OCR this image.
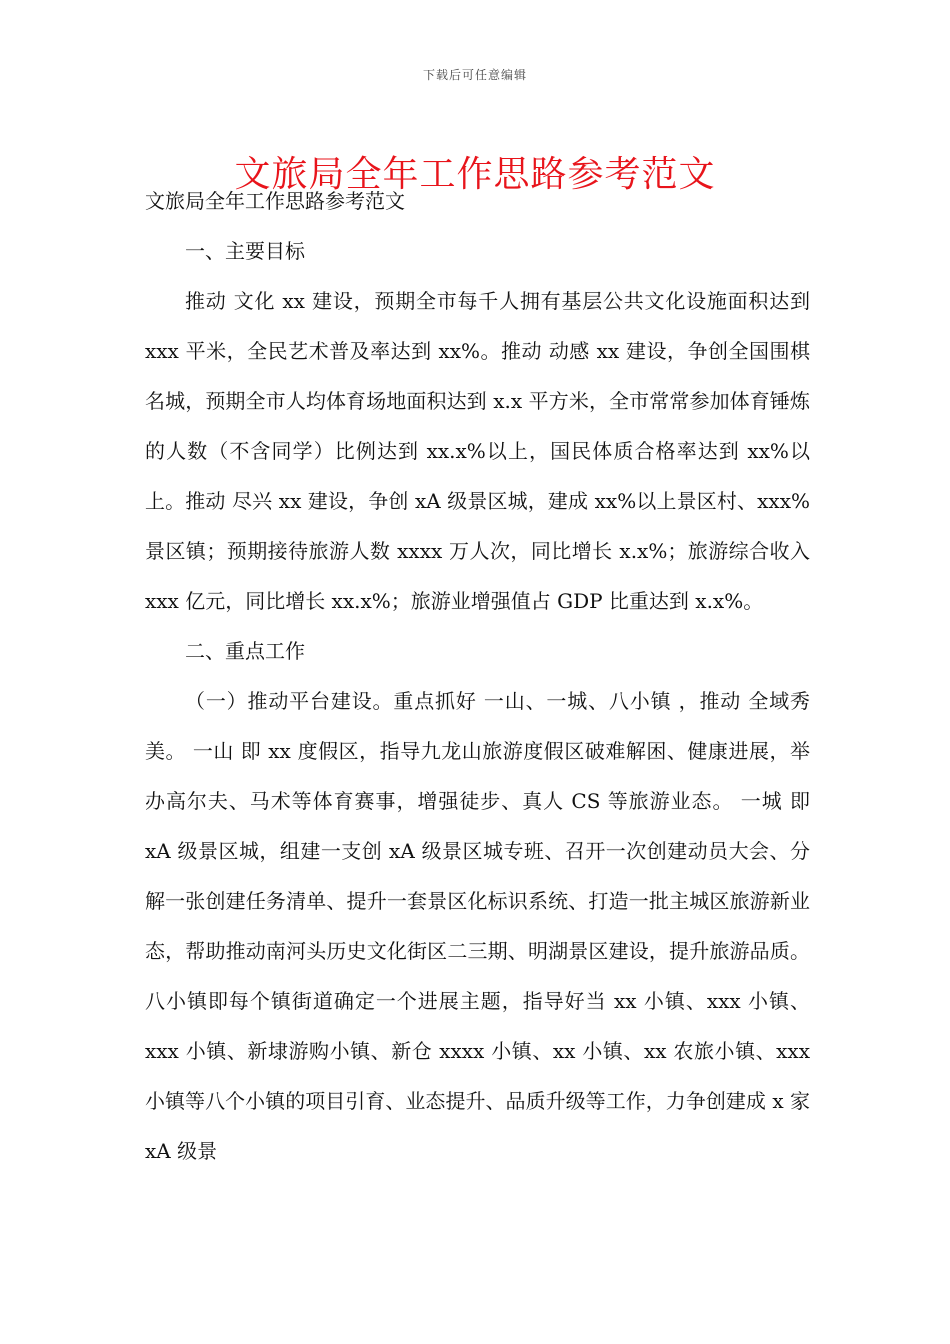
下载后可任意编辑
文旅局全年工作思路参考范文

文旅局全年工作思路参考范文

一、主要目标

推动 文化 xx 建设，预期全市每千人拥有基层公共文化设施面积达到 xxx 平米，全民艺术普及率达到 xx%。推动 动感 xx 建设，争创全国围棋名城，预期全市人均体育场地面积达到 x.x 平方米，全市常常参加体育锤炼的人数（不含同学）比例达到 xx.x%以上，国民体质合格率达到 xx%以上。推动 尽兴 xx 建设，争创 xA 级景区城，建成 xx%以上景区村、xxx%景区镇；预期接待旅游人数 xxxx 万人次，同比增长 x.x%；旅游综合收入 xxx 亿元，同比增长 xx.x%；旅游业增强值占 GDP 比重达到 x.x%。

二、重点工作

（一）推动平台建设。重点抓好 一山、一城、八小镇 ，推动 全域秀美。 一山 即 xx 度假区，指导九龙山旅游度假区破难解困、健康进展，举办高尔夫、马术等体育赛事，增强徒步、真人 CS 等旅游业态。 一城 即 xA 级景区城，组建一支创 xA 级景区城专班、召开一次创建动员大会、分解一张创建任务清单、提升一套景区化标识系统、打造一批主城区旅游新业态，帮助推动南河头历史文化街区二三期、明湖景区建设，提升旅游品质。八小镇即每个镇街道确定一个进展主题，指导好当 xx 小镇、xxx 小镇、xxx 小镇、新埭游购小镇、新仓 xxxx 小镇、xx 小镇、xx 农旅小镇、xxx 小镇等八个小镇的项目引育、业态提升、品质升级等工作，力争创建成 x 家 xA 级景
